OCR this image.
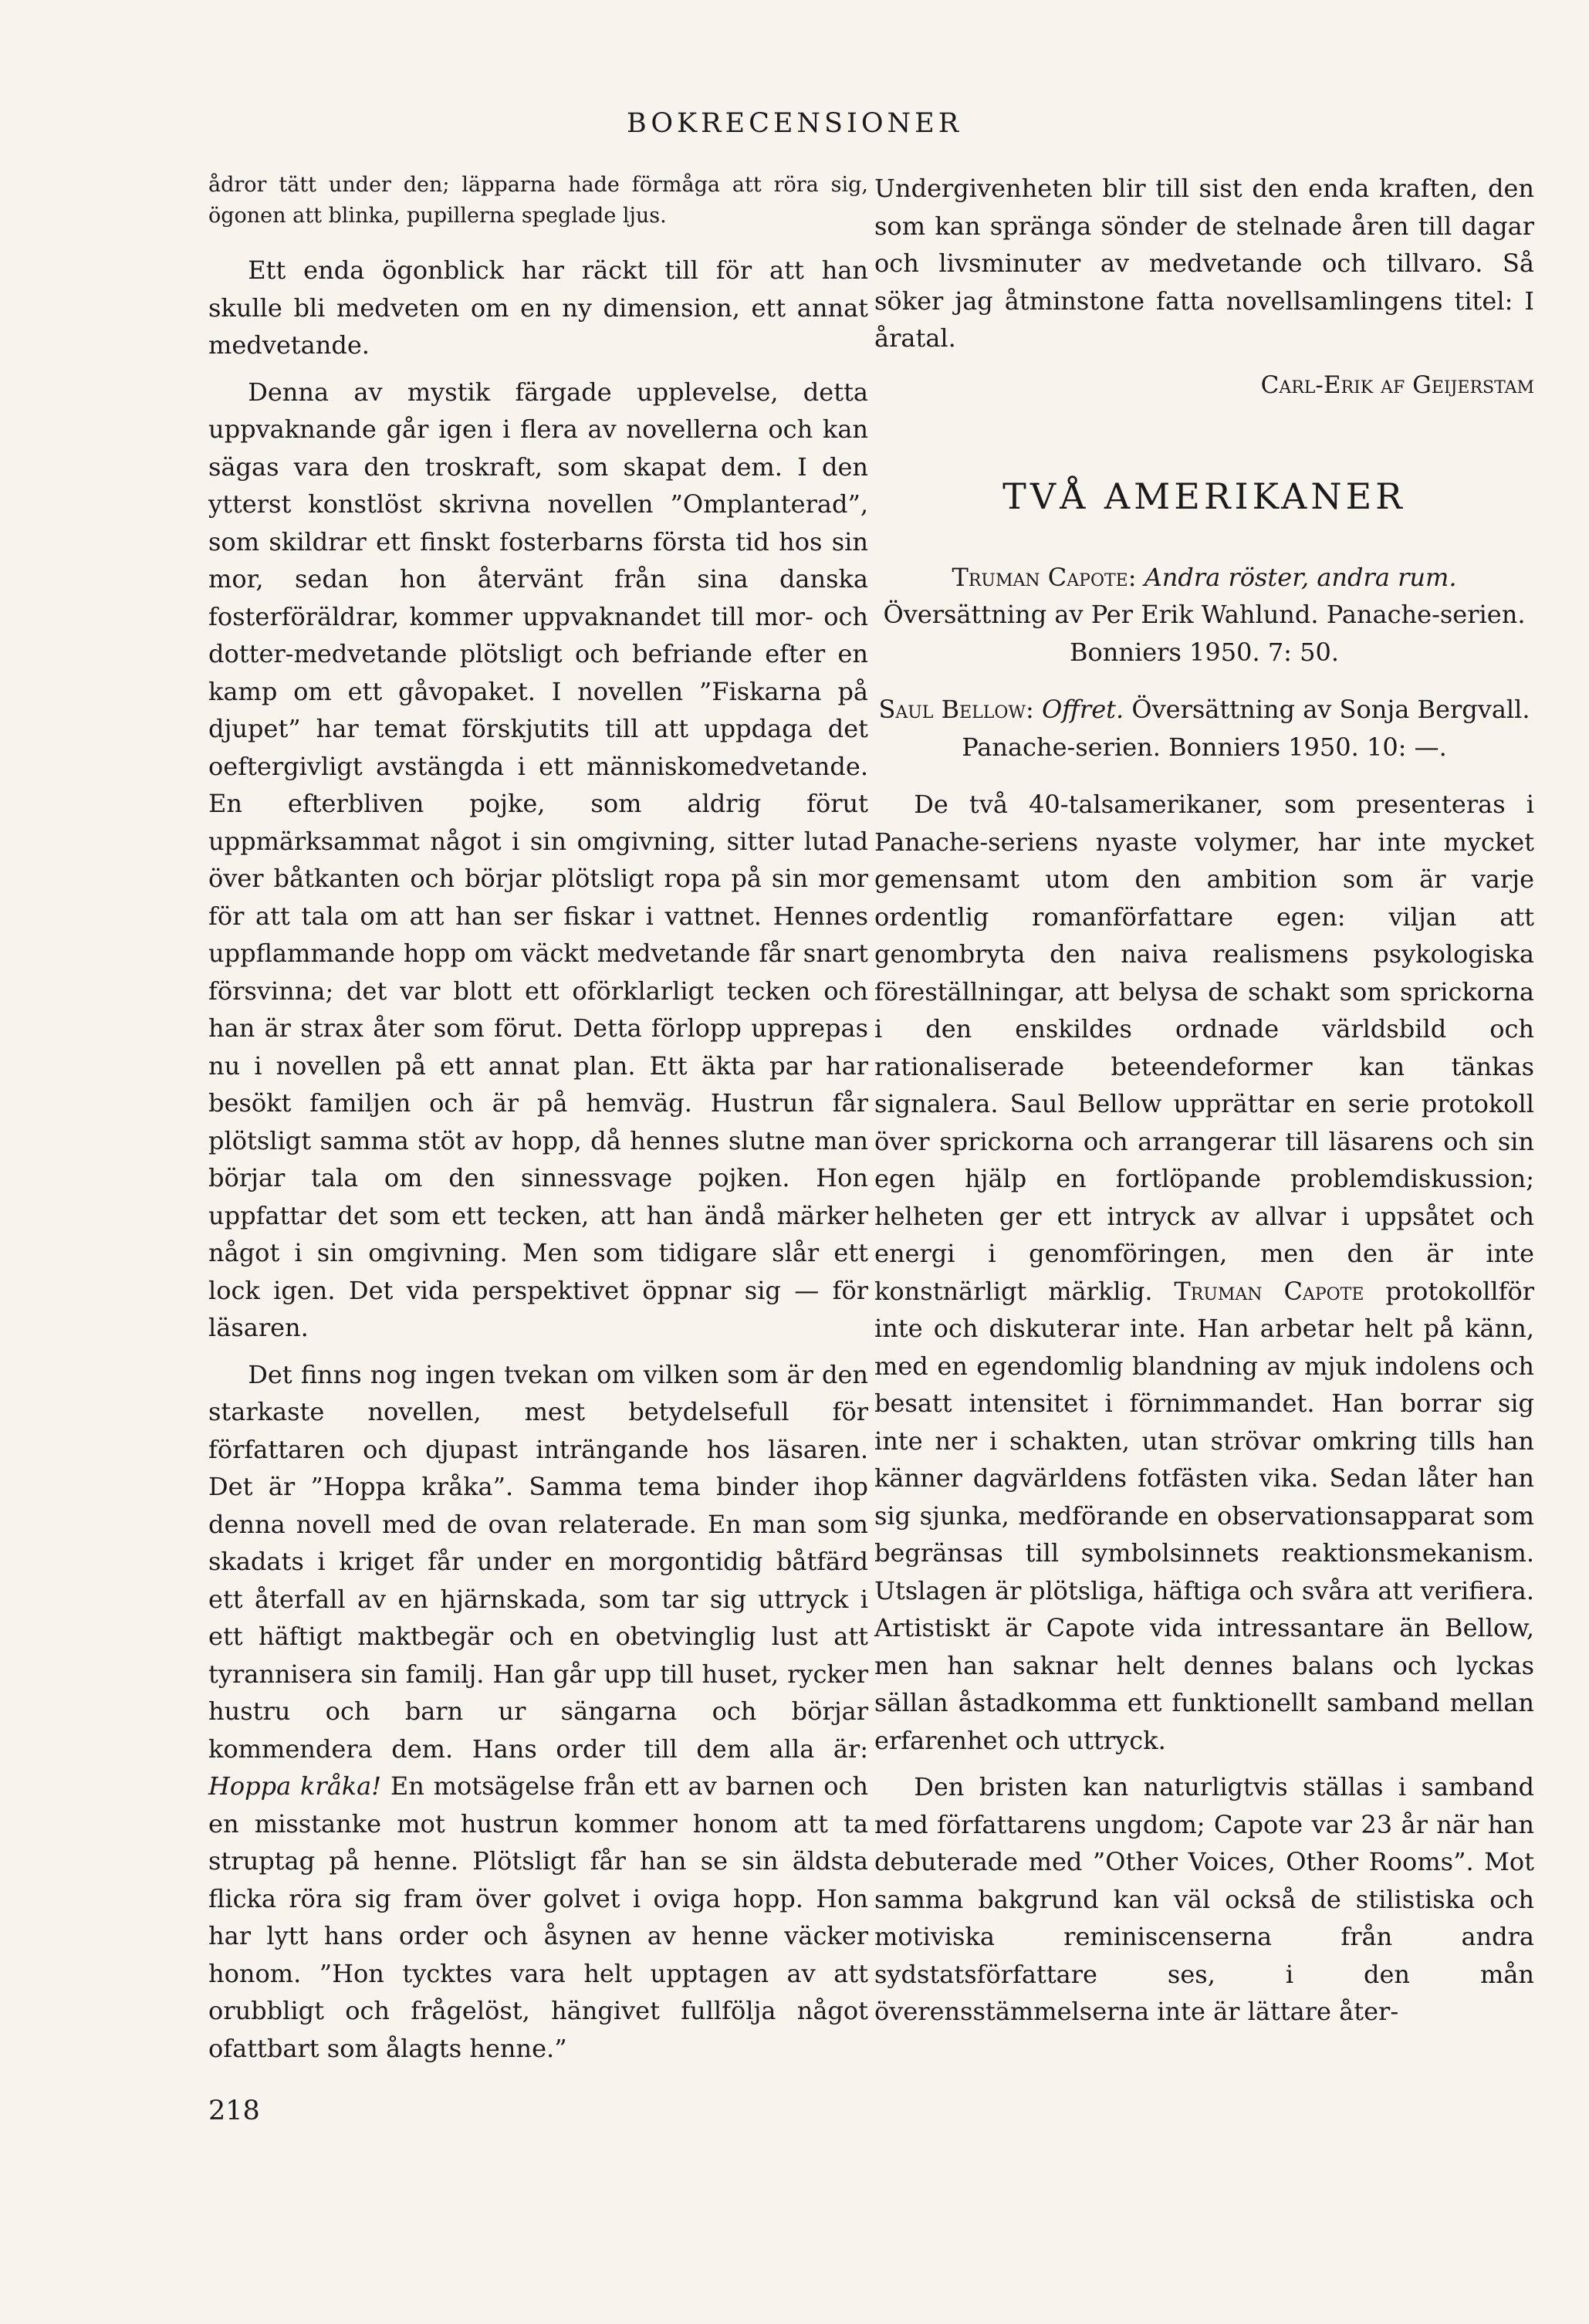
BOKRECENSIONER

ådror tätt under den; läpparna hade förmåga att röra sig, ögonen att blinka, pupillerna speglade ljus.

Ett enda ögonblick har räckt till för att han skulle bli medveten om en ny dimension, ett annat medvetande.

Denna av mystik färgade upplevelse, detta uppvaknande går igen i flera av novellerna och kan sägas vara den troskraft, som skapat dem. I den ytterst konstlöst skrivna novellen ”Omplanterad”, som skildrar ett finskt fosterbarns första tid hos sin mor, sedan hon återvänt från sina danska fosterföräldrar, kommer uppvaknandet till mor- och dotter-medvetande plötsligt och befriande efter en kamp om ett gåvopaket. I novellen ”Fiskarna på djupet” har temat förskjutits till att uppdaga det oeftergivligt avstängda i ett människomedvetande. En efterbliven pojke, som aldrig förut uppmärksammat något i sin omgivning, sitter lutad över båtkanten och börjar plötsligt ropa på sin mor för att tala om att han ser fiskar i vattnet. Hennes uppflammande hopp om väckt medvetande får snart försvinna; det var blott ett oförklarligt tecken och han är strax åter som förut. Detta förlopp upprepas nu i novellen på ett annat plan. Ett äkta par har besökt familjen och är på hemväg. Hustrun får plötsligt samma stöt av hopp, då hennes slutne man börjar tala om den sinnessvage pojken. Hon uppfattar det som ett tecken, att han ändå märker något i sin omgivning. Men som tidigare slår ett lock igen. Det vida perspektivet öppnar sig — för läsaren.

Det finns nog ingen tvekan om vilken som är den starkaste novellen, mest betydelsefull för författaren och djupast inträngande hos läsaren. Det är ”Hoppa kråka”. Samma tema binder ihop denna novell med de ovan relaterade. En man som skadats i kriget får under en morgontidig båtfärd ett återfall av en hjärnskada, som tar sig uttryck i ett häftigt maktbegär och en obetvinglig lust att tyrannisera sin familj. Han går upp till huset, rycker hustru och barn ur sängarna och börjar kommendera dem. Hans order till dem alla är: Hoppa kråka! En motsägelse från ett av barnen och en misstanke mot hustrun kommer honom att ta struptag på henne. Plötsligt får han se sin äldsta flicka röra sig fram över golvet i oviga hopp. Hon har lytt hans order och åsynen av henne väcker honom. ”Hon tycktes vara helt upptagen av att orubbligt och frågelöst, hängivet fullfölja något ofattbart som ålagts henne.”

Undergivenheten blir till sist den enda kraften, den som kan spränga sönder de stelnade åren till dagar och livsminuter av medvetande och tillvaro. Så söker jag åtminstone fatta novellsamlingens titel: I åratal.

Carl-Erik af Geijerstam

TVÅ AMERIKANER

Truman Capote: Andra röster, andra rum. Översättning av Per Erik Wahlund. Panache-serien. Bonniers 1950. 7: 50.

Saul Bellow: Offret. Översättning av Sonja Bergvall. Panache-serien. Bonniers 1950. 10: —.

De två 40-talsamerikaner, som presenteras i Panache-seriens nyaste volymer, har inte mycket gemensamt utom den ambition som är varje ordentlig romanförfattare egen: viljan att genombryta den naiva realismens psykologiska föreställningar, att belysa de schakt som sprickorna i den enskildes ordnade världsbild och rationaliserade beteendeformer kan tänkas signalera. Saul Bellow upprättar en serie protokoll över sprickorna och arrangerar till läsarens och sin egen hjälp en fortlöpande problemdiskussion; helheten ger ett intryck av allvar i uppsåtet och energi i genomföringen, men den är inte konstnärligt märklig. Truman Capote protokollför inte och diskuterar inte. Han arbetar helt på känn, med en egendomlig blandning av mjuk indolens och besatt intensitet i förnimmandet. Han borrar sig inte ner i schakten, utan strövar omkring tills han känner dagvärldens fotfästen vika. Sedan låter han sig sjunka, medförande en observationsapparat som begränsas till symbolsinnets reaktionsmekanism. Utslagen är plötsliga, häftiga och svåra att verifiera. Artistiskt är Capote vida intressantare än Bellow, men han saknar helt dennes balans och lyckas sällan åstadkomma ett funktionellt samband mellan erfarenhet och uttryck.

Den bristen kan naturligtvis ställas i samband med författarens ungdom; Capote var 23 år när han debuterade med ”Other Voices, Other Rooms”. Mot samma bakgrund kan väl också de stilistiska och motiviska reminiscenserna från andra sydstatsförfattare ses, i den mån överensstämmelserna inte är lättare åter-

218
